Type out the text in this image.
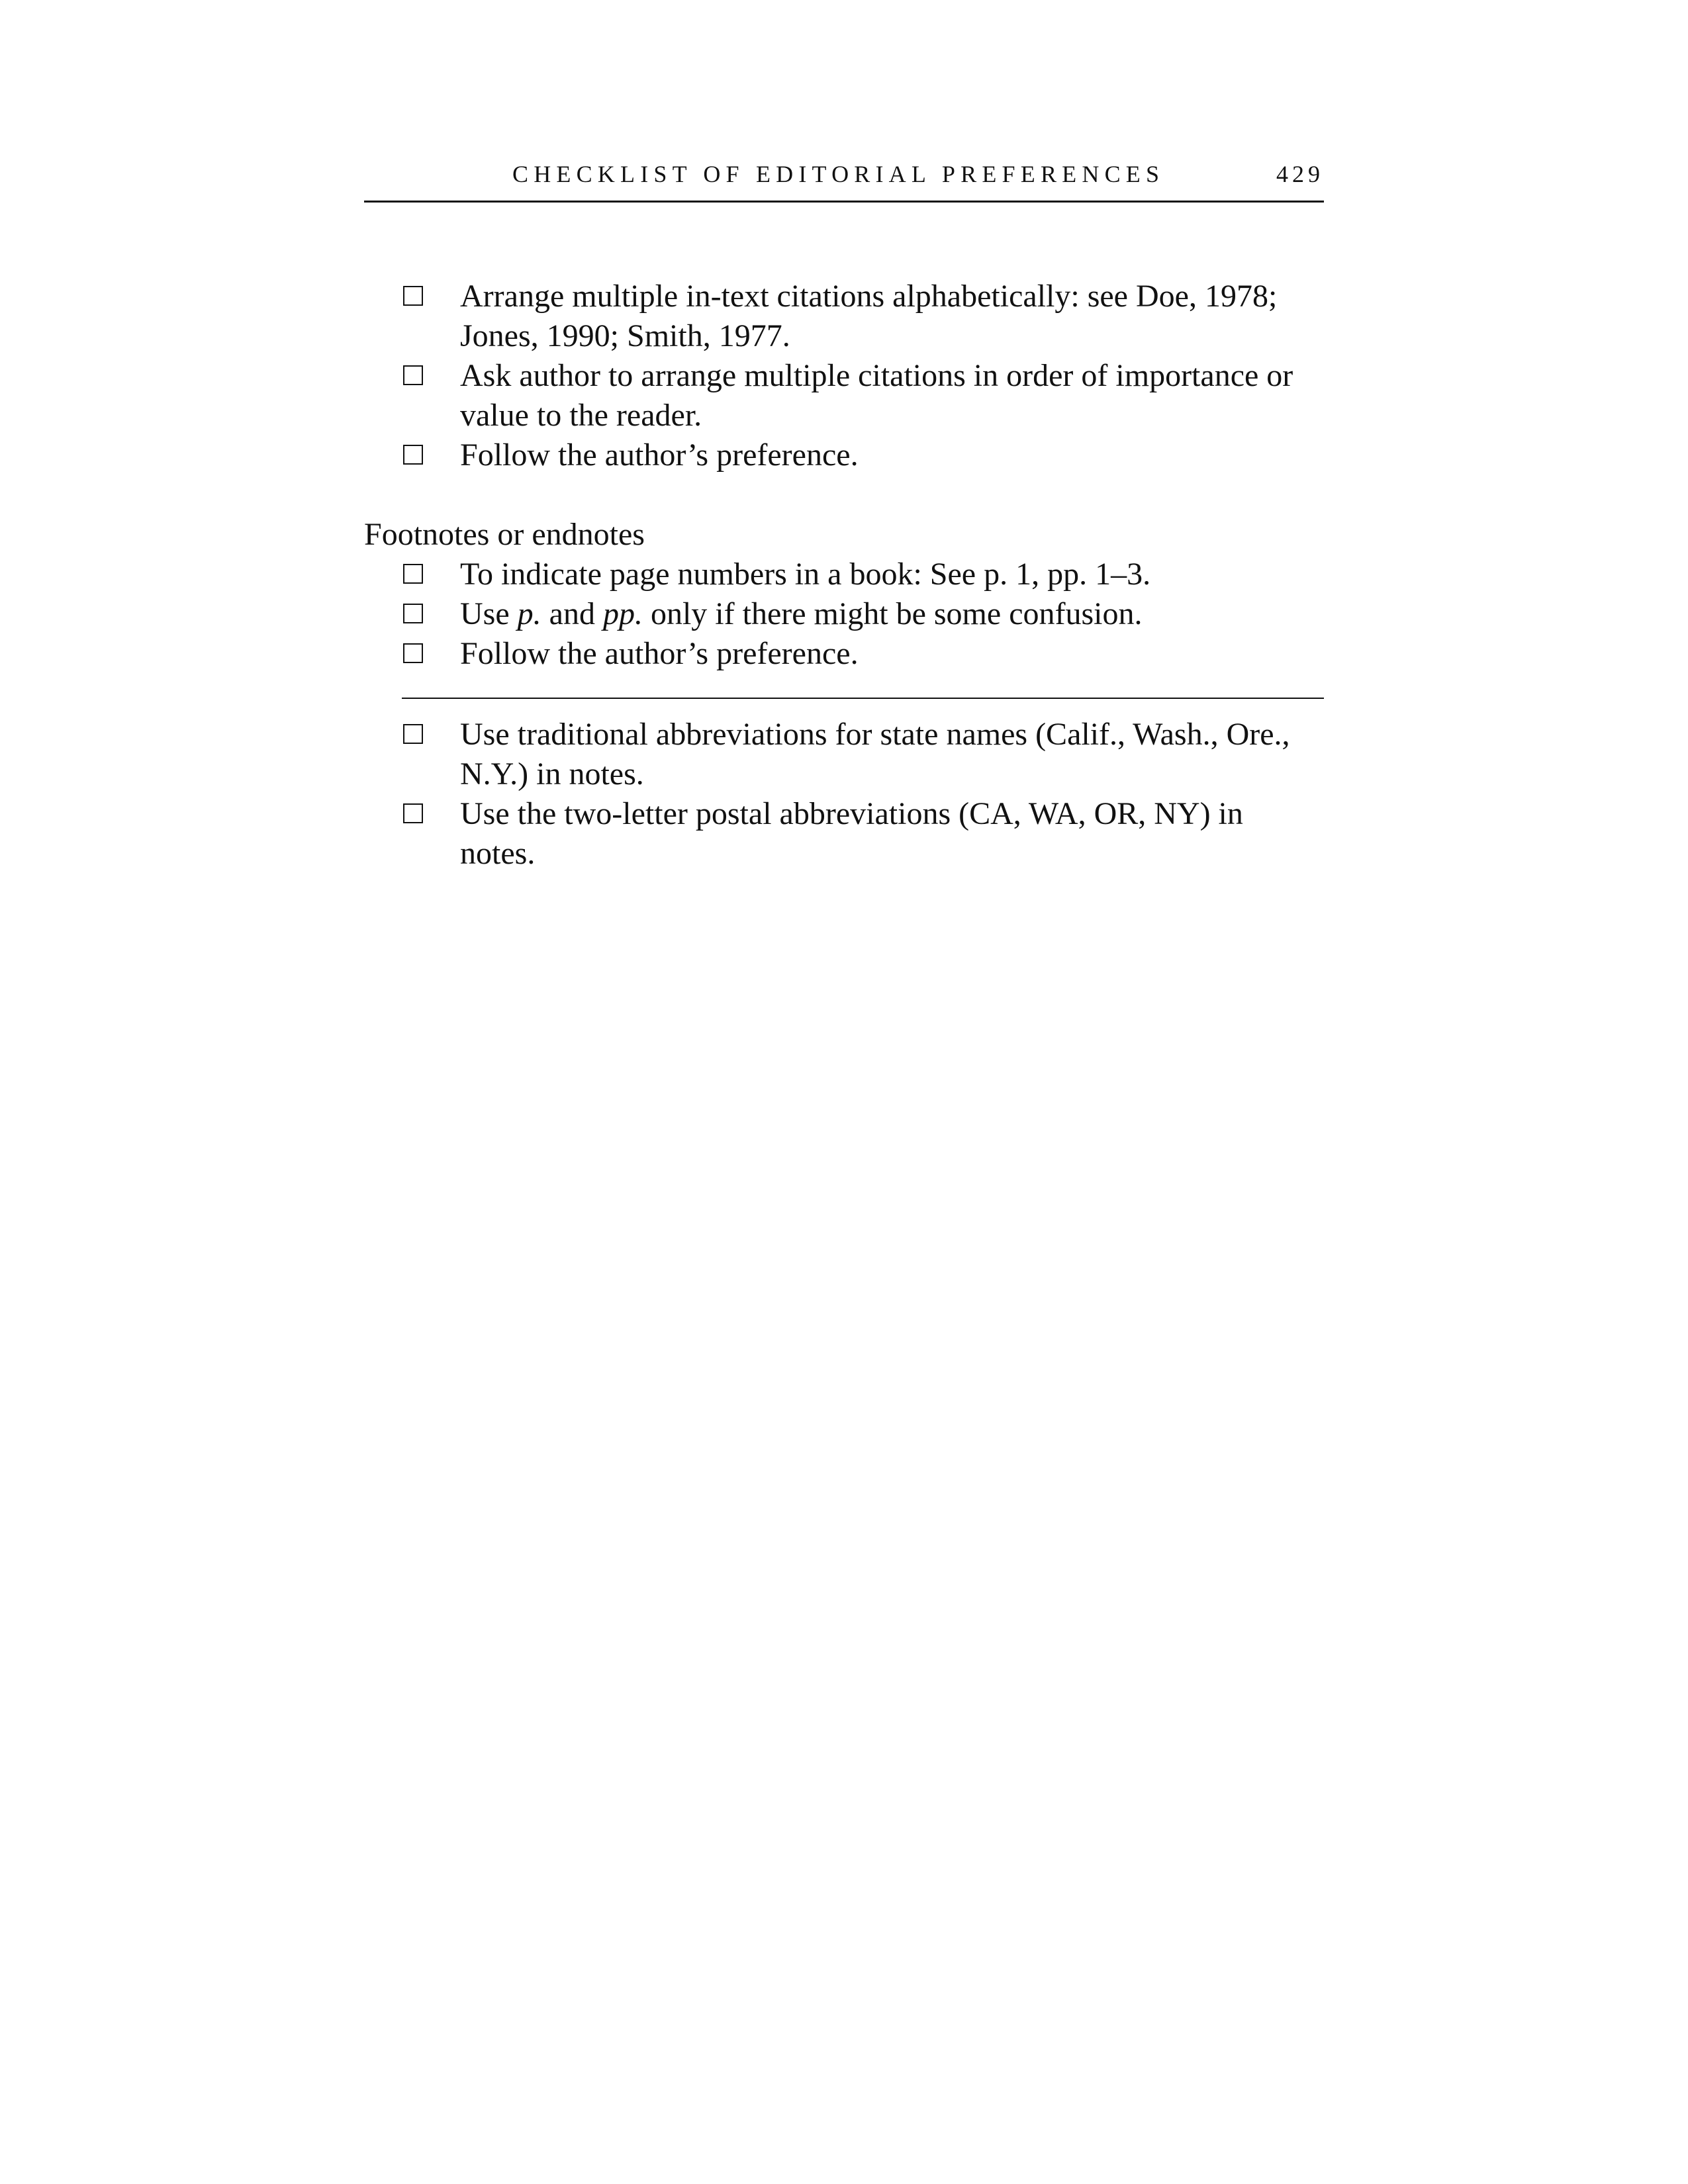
CHECKLIST OF EDITORIAL PREFERENCES	429
Arrange multiple in-text citations alphabetically: see Doe, 1978;
Jones, 1990; Smith, 1977.
Ask author to arrange multiple citations in order of importance or
value to the reader.
Follow the author’s preference.
Footnotes or endnotes
To indicate page numbers in a book: See p. 1, pp. 1–3.
Use p. and pp. only if there might be some confusion.
Follow the author’s preference.
Use traditional abbreviations for state names (Calif., Wash., Ore.,
N.Y.) in notes.
Use the two-letter postal abbreviations (CA, WA, OR, NY) in
notes.
